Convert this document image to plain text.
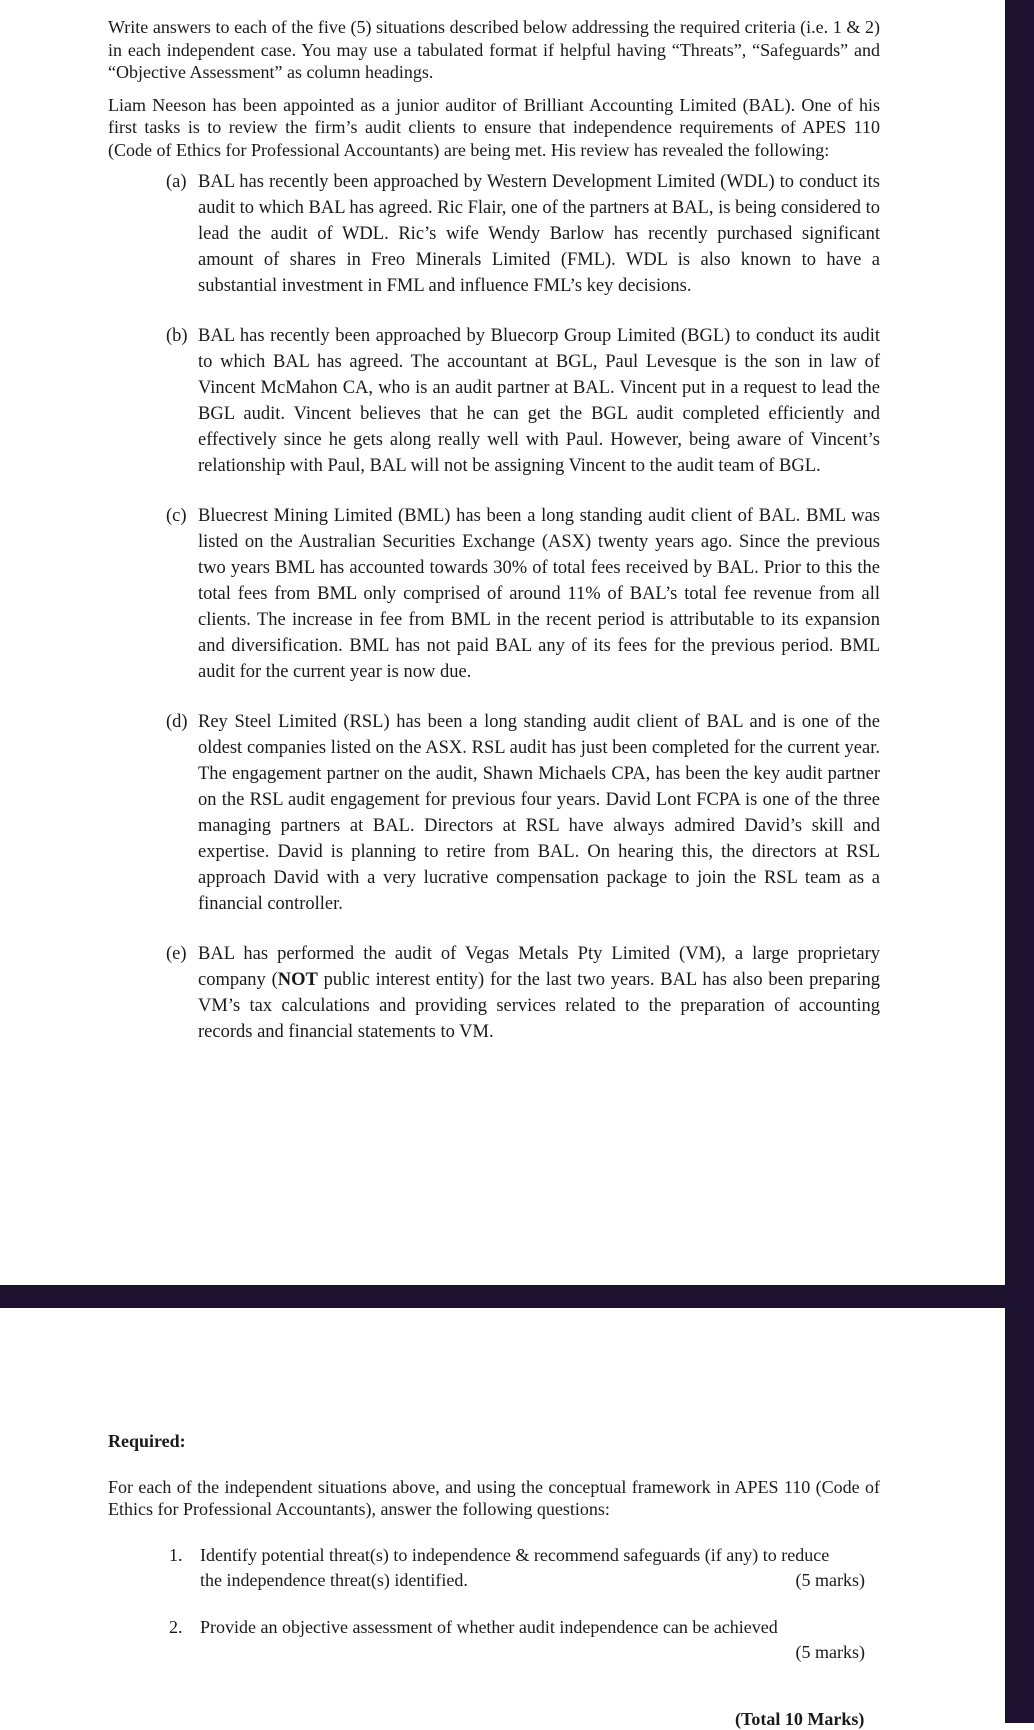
Write answers to each of the five (5) situations described below addressing the required criteria (i.e. 1 & 2) in each independent case. You may use a tabulated format if helpful having “Threats”, “Safeguards” and “Objective Assessment” as column headings.

Liam Neeson has been appointed as a junior auditor of Brilliant Accounting Limited (BAL). One of his first tasks is to review the firm’s audit clients to ensure that independence requirements of APES 110 (Code of Ethics for Professional Accountants) are being met. His review has revealed the following:

(a) BAL has recently been approached by Western Development Limited (WDL) to conduct its audit to which BAL has agreed. Ric Flair, one of the partners at BAL, is being considered to lead the audit of WDL. Ric’s wife Wendy Barlow has recently purchased significant amount of shares in Freo Minerals Limited (FML). WDL is also known to have a substantial investment in FML and influence FML’s key decisions.
(b) BAL has recently been approached by Bluecorp Group Limited (BGL) to conduct its audit to which BAL has agreed. The accountant at BGL, Paul Levesque is the son in law of Vincent McMahon CA, who is an audit partner at BAL. Vincent put in a request to lead the BGL audit. Vincent believes that he can get the BGL audit completed efficiently and effectively since he gets along really well with Paul. However, being aware of Vincent’s relationship with Paul, BAL will not be assigning Vincent to the audit team of BGL.
(c) Bluecrest Mining Limited (BML) has been a long standing audit client of BAL. BML was listed on the Australian Securities Exchange (ASX) twenty years ago. Since the previous two years BML has accounted towards 30% of total fees received by BAL. Prior to this the total fees from BML only comprised of around 11% of BAL’s total fee revenue from all clients. The increase in fee from BML in the recent period is attributable to its expansion and diversification. BML has not paid BAL any of its fees for the previous period. BML audit for the current year is now due.
(d) Rey Steel Limited (RSL) has been a long standing audit client of BAL and is one of the oldest companies listed on the ASX. RSL audit has just been completed for the current year. The engagement partner on the audit, Shawn Michaels CPA, has been the key audit partner on the RSL audit engagement for previous four years. David Lont FCPA is one of the three managing partners at BAL. Directors at RSL have always admired David’s skill and expertise. David is planning to retire from BAL. On hearing this, the directors at RSL approach David with a very lucrative compensation package to join the RSL team as a financial controller.
(e) BAL has performed the audit of Vegas Metals Pty Limited (VM), a large proprietary company (NOT public interest entity) for the last two years. BAL has also been preparing VM’s tax calculations and providing services related to the preparation of accounting records and financial statements to VM.

Required:

For each of the independent situations above, and using the conceptual framework in APES 110 (Code of Ethics for Professional Accountants), answer the following questions:

1. Identify potential threat(s) to independence & recommend safeguards (if any) to reduce
the independence threat(s) identified.	(5 marks)
2. Provide an objective assessment of whether audit independence can be achieved
(5 marks)
(Total 10 Marks)
